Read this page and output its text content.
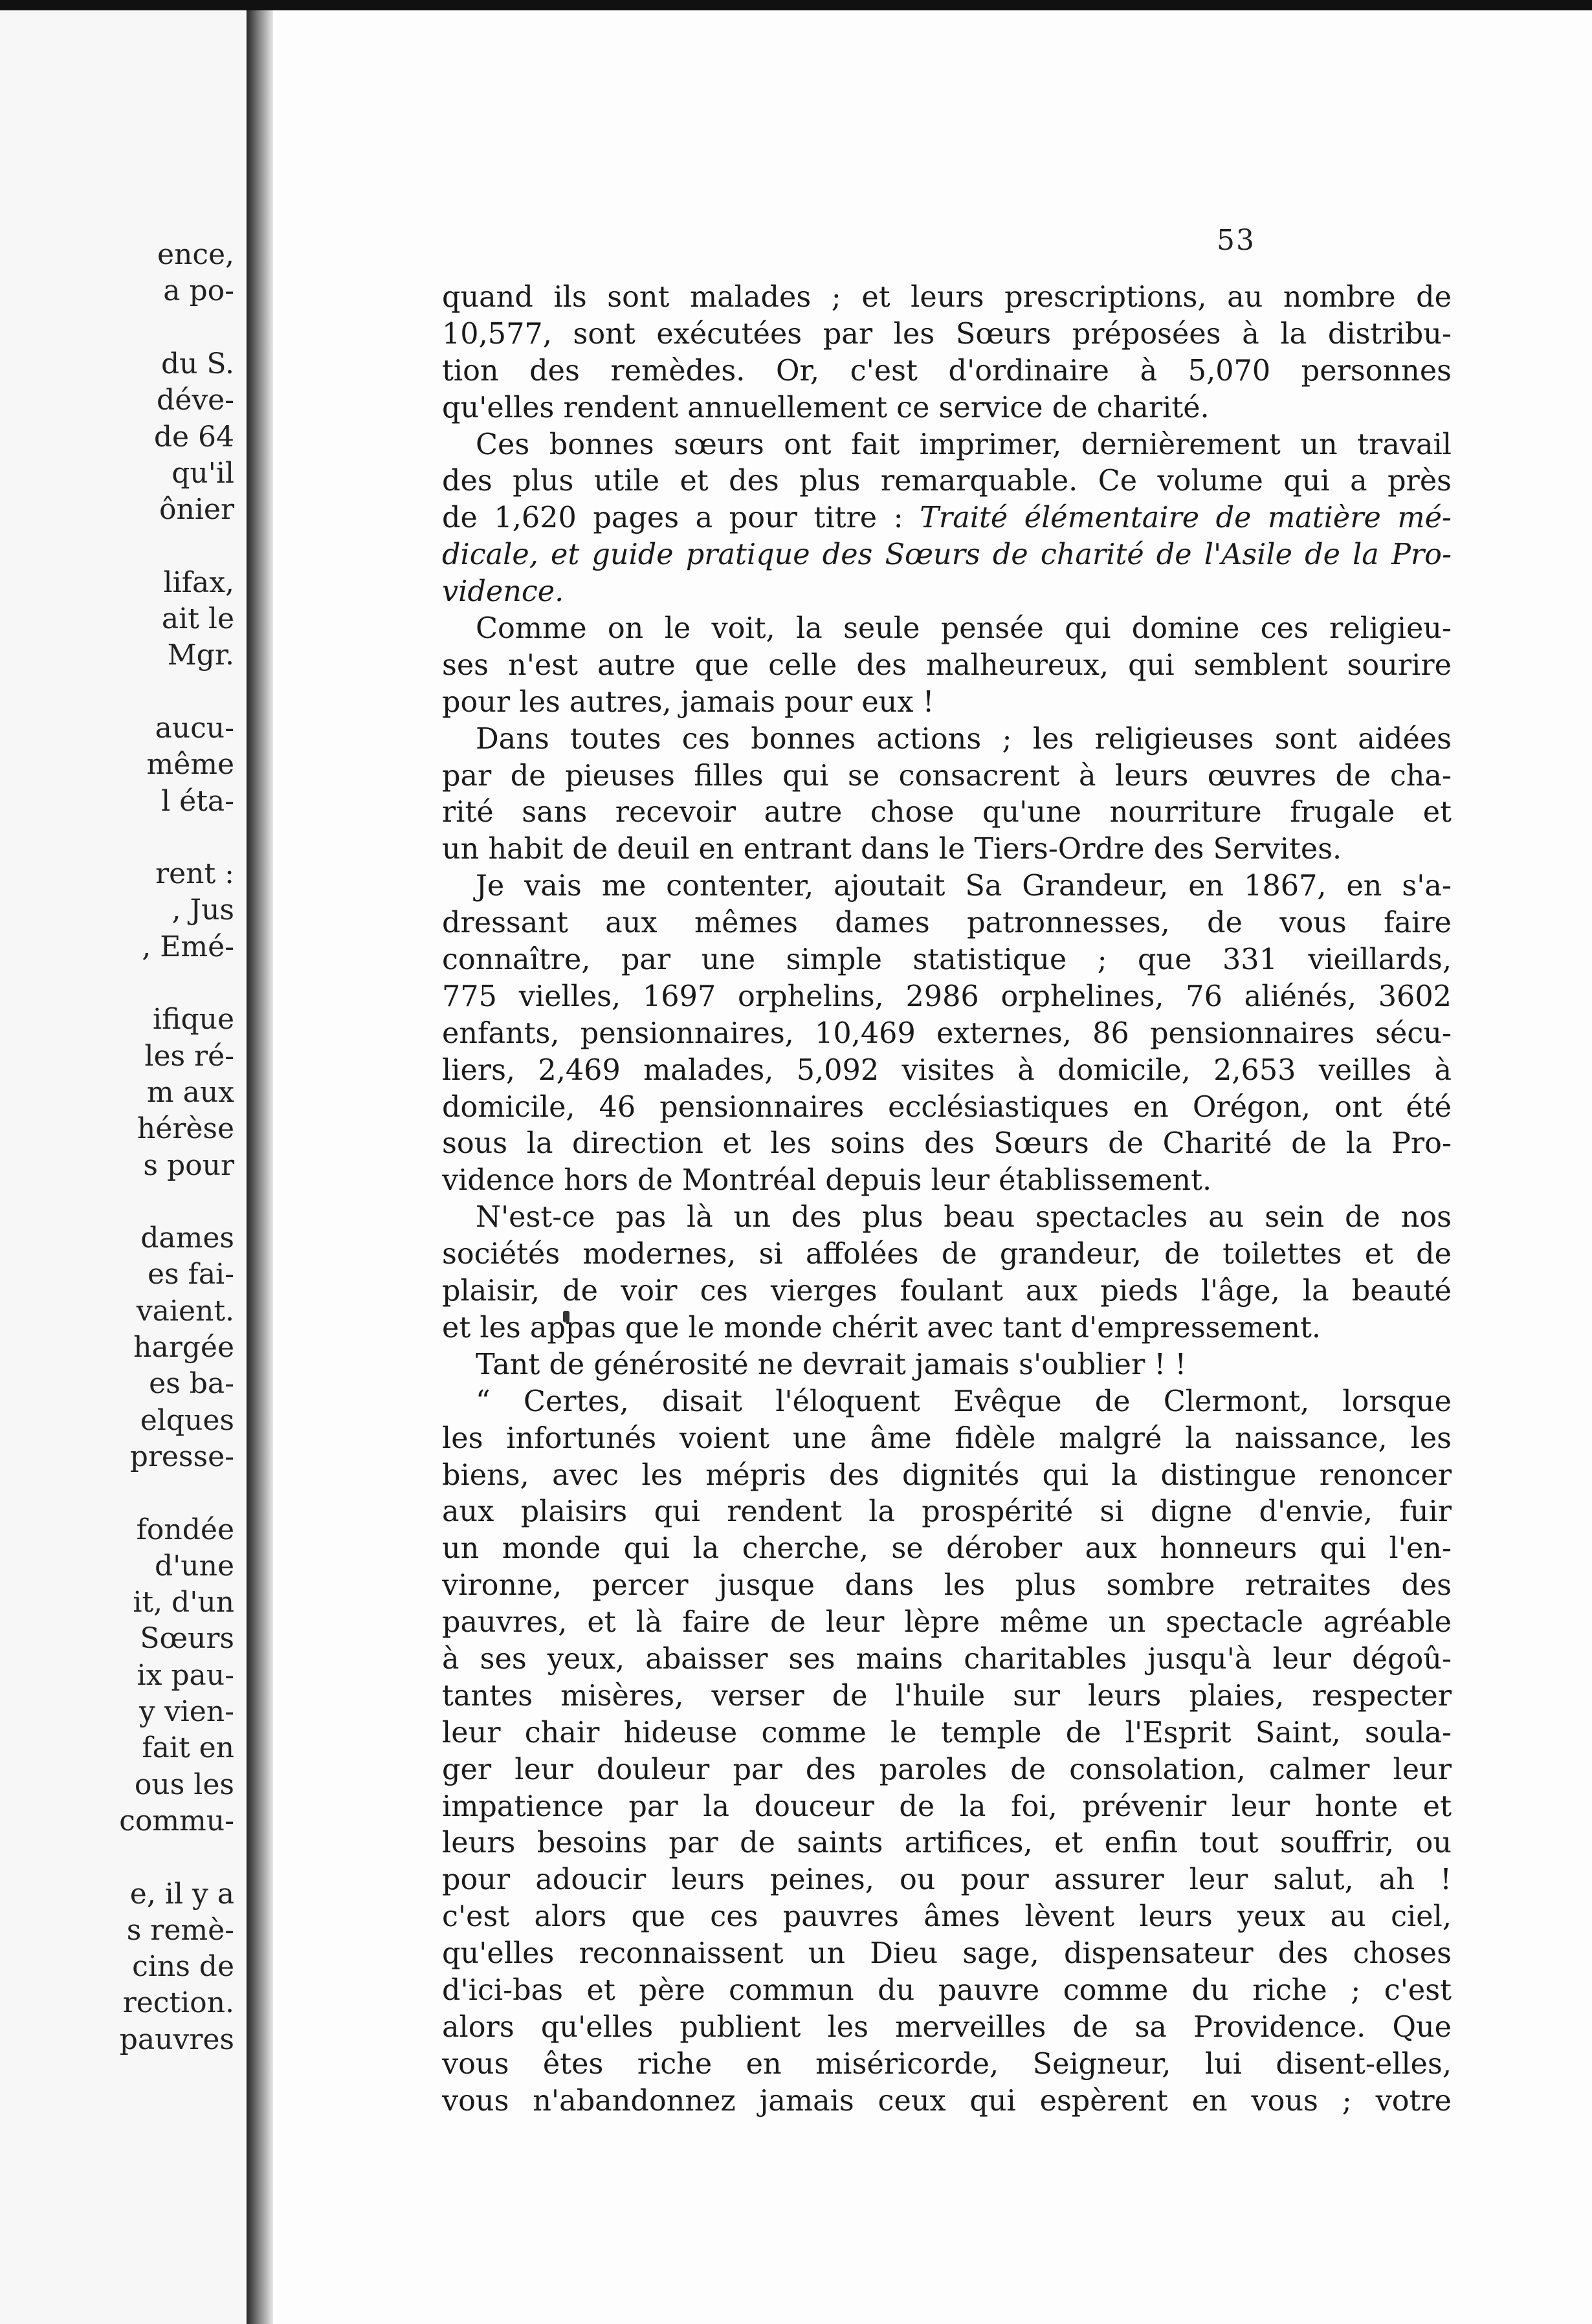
ence,
a po-
du S.
déve-
de 64
qu'il
ônier
lifax,
ait le
Mgr.
aucu-
même
l éta-
rent :
, Jus
, Emé-
ifique
les ré-
m aux
hérèse
s pour
dames
es fai-
vaient.
hargée
es ba-
elques
presse-
fondée
d'une
it, d'un
Sœurs
ix pau-
y vien-
fait en
ous les
commu-
e, il y a
s remè-
cins de
rection.
pauvres
53
quand ils sont malades ; et leurs prescriptions, au nombre de
10,577, sont exécutées par les Sœurs préposées à la distribu-
tion des remèdes. Or, c'est d'ordinaire à 5,070 personnes
qu'elles rendent annuellement ce service de charité.
Ces bonnes sœurs ont fait imprimer, dernièrement un travail
des plus utile et des plus remarquable. Ce volume qui a près
de 1,620 pages a pour titre : Traité élémentaire de matière mé-
dicale, et guide pratique des Sœurs de charité de l'Asile de la Pro-
vidence.
Comme on le voit, la seule pensée qui domine ces religieu-
ses n'est autre que celle des malheureux, qui semblent sourire
pour les autres, jamais pour eux !
Dans toutes ces bonnes actions ; les religieuses sont aidées
par de pieuses filles qui se consacrent à leurs œuvres de cha-
rité sans recevoir autre chose qu'une nourriture frugale et
un habit de deuil en entrant dans le Tiers-Ordre des Servites.
Je vais me contenter, ajoutait Sa Grandeur, en 1867, en s'a-
dressant aux mêmes dames patronnesses, de vous faire
connaître, par une simple statistique ; que 331 vieillards,
775 vielles, 1697 orphelins, 2986 orphelines, 76 aliénés, 3602
enfants, pensionnaires, 10,469 externes, 86 pensionnaires sécu-
liers, 2,469 malades, 5,092 visites à domicile, 2,653 veilles à
domicile, 46 pensionnaires ecclésiastiques en Orégon, ont été
sous la direction et les soins des Sœurs de Charité de la Pro-
vidence hors de Montréal depuis leur établissement.
N'est-ce pas là un des plus beau spectacles au sein de nos
sociétés modernes, si affolées de grandeur, de toilettes et de
plaisir, de voir ces vierges foulant aux pieds l'âge, la beauté
et les appas que le monde chérit avec tant d'empressement.
Tant de générosité ne devrait jamais s'oublier ! !
“ Certes, disait l'éloquent Evêque de Clermont, lorsque
les infortunés voient une âme fidèle malgré la naissance, les
biens, avec les mépris des dignités qui la distingue renoncer
aux plaisirs qui rendent la prospérité si digne d'envie, fuir
un monde qui la cherche, se dérober aux honneurs qui l'en-
vironne, percer jusque dans les plus sombre retraites des
pauvres, et là faire de leur lèpre même un spectacle agréable
à ses yeux, abaisser ses mains charitables jusqu'à leur dégoû-
tantes misères, verser de l'huile sur leurs plaies, respecter
leur chair hideuse comme le temple de l'Esprit Saint, soula-
ger leur douleur par des paroles de consolation, calmer leur
impatience par la douceur de la foi, prévenir leur honte et
leurs besoins par de saints artifices, et enfin tout souffrir, ou
pour adoucir leurs peines, ou pour assurer leur salut, ah !
c'est alors que ces pauvres âmes lèvent leurs yeux au ciel,
qu'elles reconnaissent un Dieu sage, dispensateur des choses
d'ici-bas et père commun du pauvre comme du riche ; c'est
alors qu'elles publient les merveilles de sa Providence. Que
vous êtes riche en miséricorde, Seigneur, lui disent-elles,
vous n'abandonnez jamais ceux qui espèrent en vous ; votre
